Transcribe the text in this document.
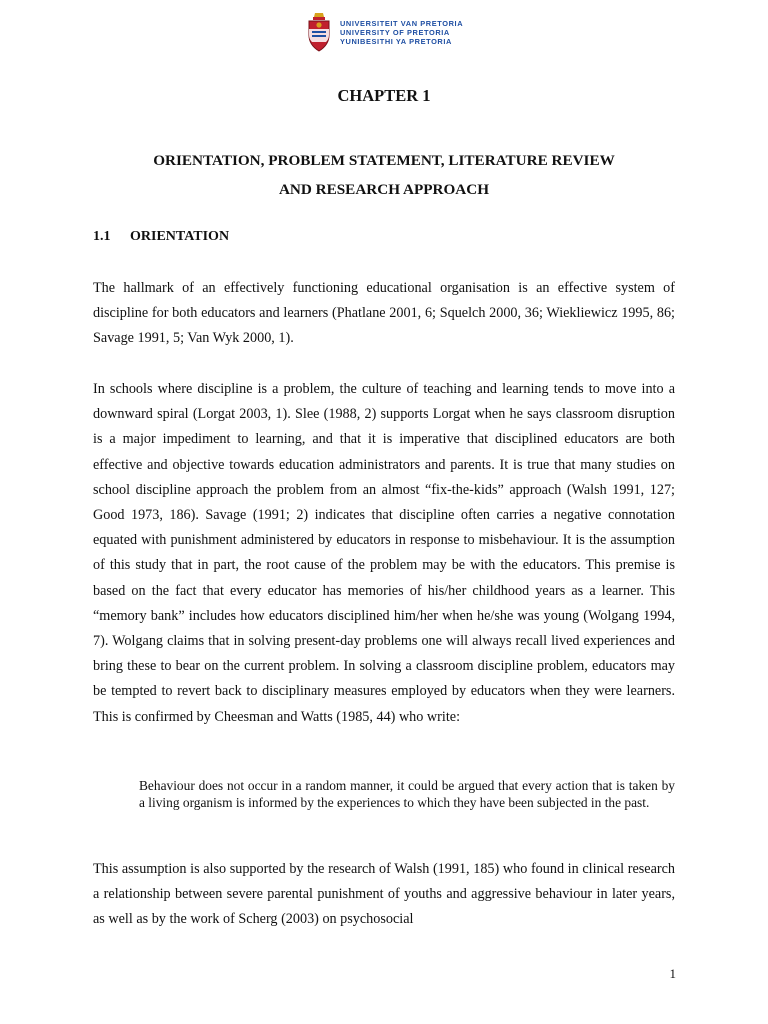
UNIVERSITEIT VAN PRETORIA
UNIVERSITY OF PRETORIA
YUNIBESITHI YA PRETORIA
CHAPTER 1
ORIENTATION, PROBLEM STATEMENT, LITERATURE REVIEW
AND RESEARCH APPROACH
1.1 ORIENTATION

The hallmark of an effectively functioning educational organisation is an effective system of discipline for both educators and learners (Phatlane 2001, 6; Squelch 2000, 36; Wiekliewicz 1995, 86; Savage 1991, 5; Van Wyk 2000, 1).

In schools where discipline is a problem, the culture of teaching and learning tends to move into a downward spiral (Lorgat 2003, 1). Slee (1988, 2) supports Lorgat when he says classroom disruption is a major impediment to learning, and that it is imperative that disciplined educators are both effective and objective towards education administrators and parents. It is true that many studies on school discipline approach the problem from an almost “fix-the-kids” approach (Walsh 1991, 127; Good 1973, 186). Savage (1991; 2) indicates that discipline often carries a negative connotation equated with punishment administered by educators in response to misbehaviour. It is the assumption of this study that in part, the root cause of the problem may be with the educators. This premise is based on the fact that every educator has memories of his/her childhood years as a learner. This “memory bank” includes how educators disciplined him/her when he/she was young (Wolgang 1994, 7). Wolgang claims that in solving present-day problems one will always recall lived experiences and bring these to bear on the current problem. In solving a classroom discipline problem, educators may be tempted to revert back to disciplinary measures employed by educators when they were learners. This is confirmed by Cheesman and Watts (1985, 44) who write:

Behaviour does not occur in a random manner, it could be argued that every action that is taken by a living organism is informed by the experiences to which they have been subjected in the past.

This assumption is also supported by the research of Walsh (1991, 185) who found in clinical research a relationship between severe parental punishment of youths and aggressive behaviour in later years, as well as by the work of Scherg (2003) on psychosocial

1
